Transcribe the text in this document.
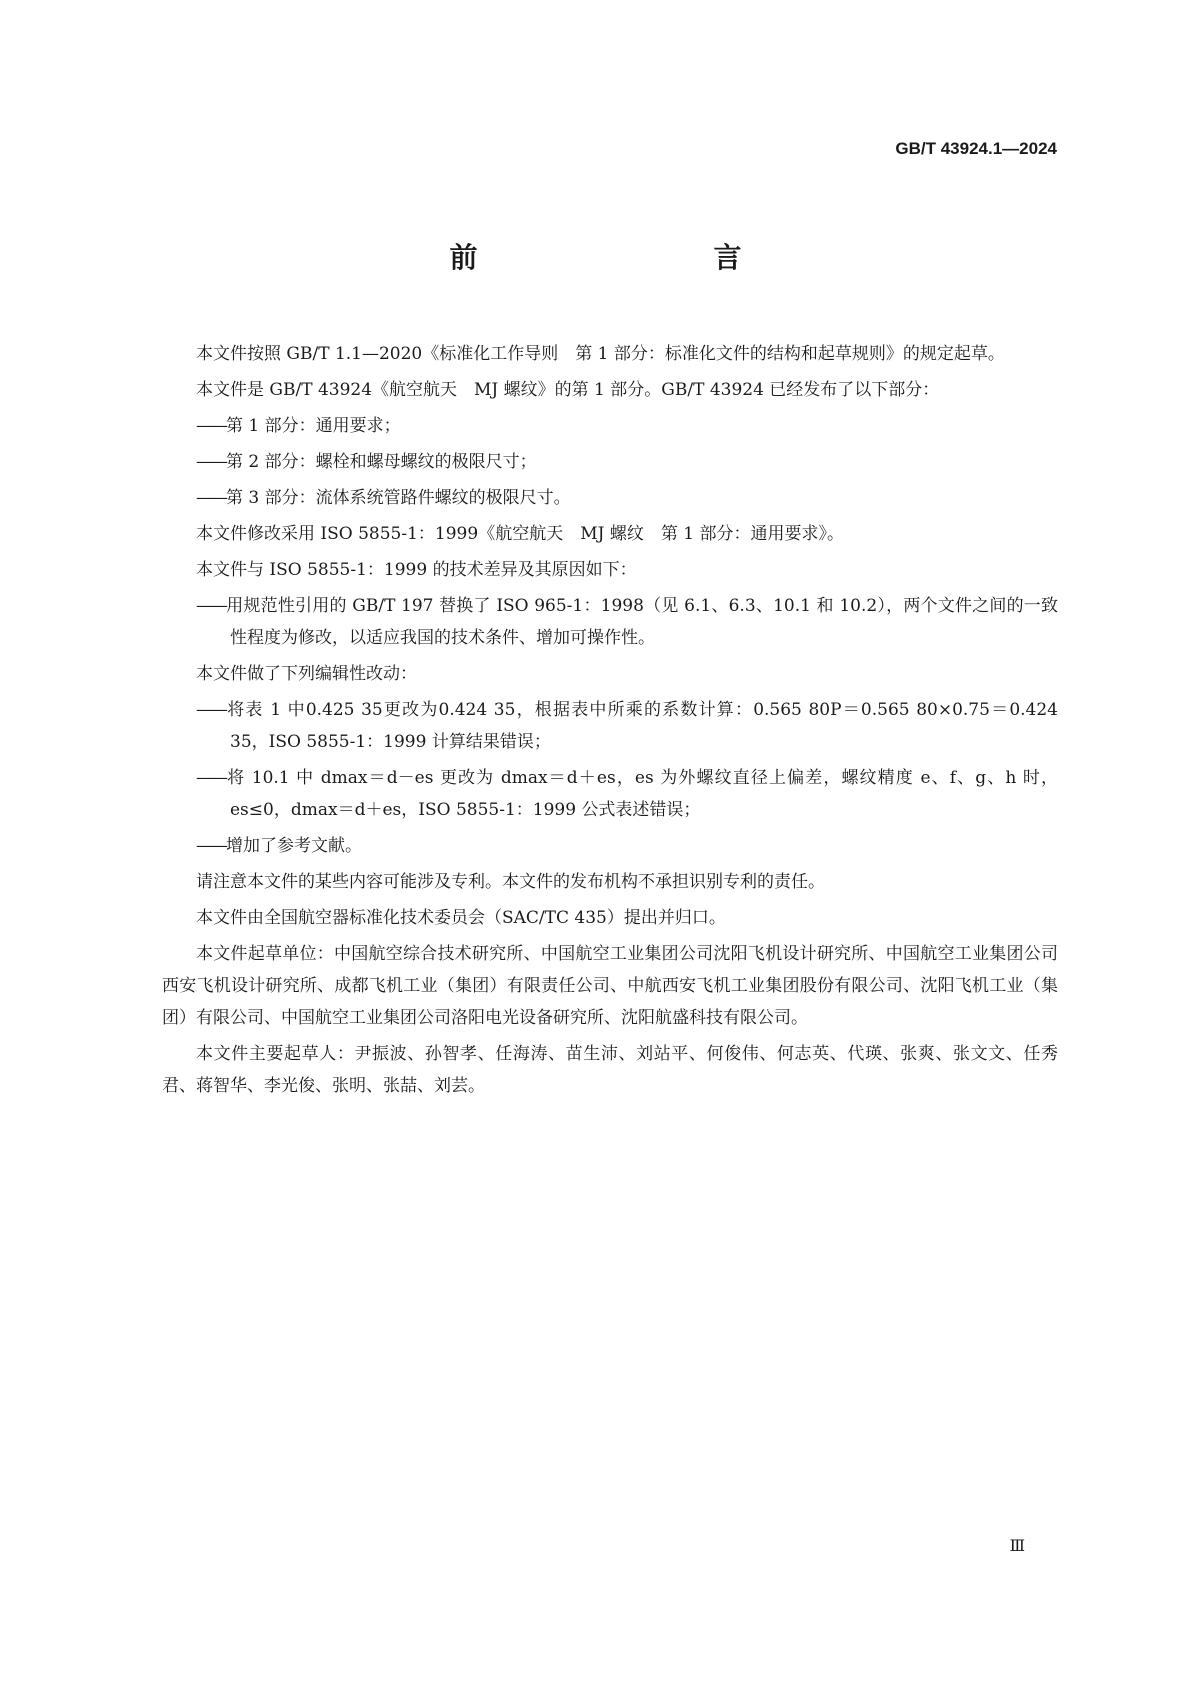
GB/T 43924.1—2024
前　　言

本文件按照 GB/T 1.1—2020《标准化工作导则　第 1 部分：标准化文件的结构和起草规则》的规定起草。

本文件是 GB/T 43924《航空航天　MJ 螺纹》的第 1 部分。GB/T 43924 已经发布了以下部分：

——第 1 部分：通用要求；

——第 2 部分：螺栓和螺母螺纹的极限尺寸；

——第 3 部分：流体系统管路件螺纹的极限尺寸。

本文件修改采用 ISO 5855-1：1999《航空航天　MJ 螺纹　第 1 部分：通用要求》。

本文件与 ISO 5855-1：1999 的技术差异及其原因如下：

——用规范性引用的 GB/T 197 替换了 ISO 965-1：1998（见 6.1、6.3、10.1 和 10.2），两个文件之间的一致性程度为修改，以适应我国的技术条件、增加可操作性。

本文件做了下列编辑性改动：

——将表 1 中0.425 35更改为0.424 35，根据表中所乘的系数计算：0.565 80P＝0.565 80×0.75＝0.424 35，ISO 5855-1：1999 计算结果错误；

——将 10.1 中 dmax＝d－es 更改为 dmax＝d＋es，es 为外螺纹直径上偏差，螺纹精度 e、f、g、h 时，es≤0，dmax＝d＋es，ISO 5855-1：1999 公式表述错误；

——增加了参考文献。

请注意本文件的某些内容可能涉及专利。本文件的发布机构不承担识别专利的责任。

本文件由全国航空器标准化技术委员会（SAC/TC 435）提出并归口。

本文件起草单位：中国航空综合技术研究所、中国航空工业集团公司沈阳飞机设计研究所、中国航空工业集团公司西安飞机设计研究所、成都飞机工业（集团）有限责任公司、中航西安飞机工业集团股份有限公司、沈阳飞机工业（集团）有限公司、中国航空工业集团公司洛阳电光设备研究所、沈阳航盛科技有限公司。

本文件主要起草人：尹振波、孙智孝、任海涛、苗生沛、刘站平、何俊伟、何志英、代瑛、张爽、张文文、任秀君、蒋智华、李光俊、张明、张喆、刘芸。

Ⅲ
